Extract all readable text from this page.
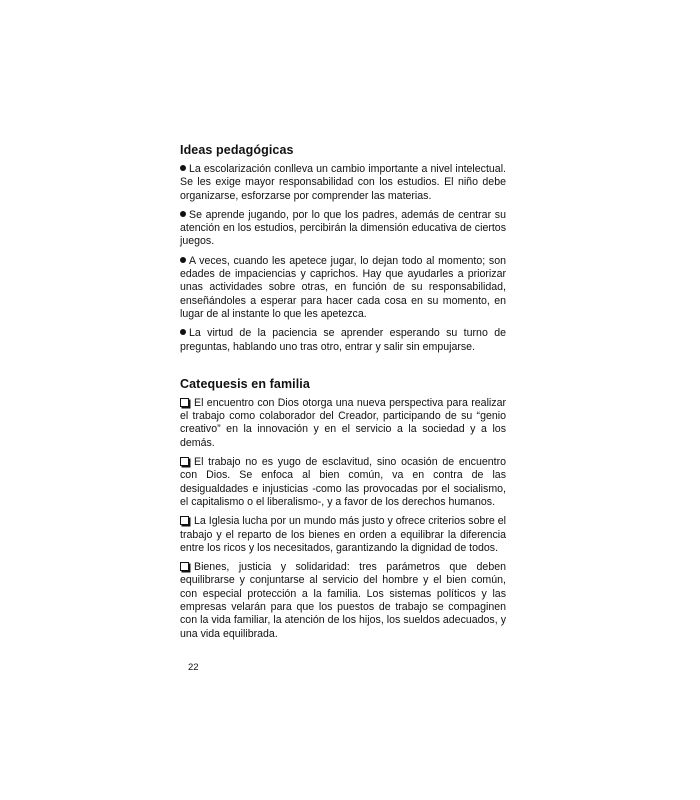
Ideas pedagógicas

La escolarización conlleva un cambio importante a nivel intelectual. Se les exige mayor responsabilidad con los estudios. El niño debe organizarse, esforzarse por comprender las materias.

Se aprende jugando, por lo que los padres, además de centrar su atención en los estudios, percibirán la dimensión educativa de ciertos juegos.

A veces, cuando les apetece jugar, lo dejan todo al momento; son edades de impaciencias y caprichos. Hay que ayudarles a priorizar unas actividades sobre otras, en función de su responsabilidad, enseñándoles a esperar para hacer cada cosa en su momento, en lugar de al instante lo que les apetezca.

La virtud de la paciencia se aprender esperando su turno de preguntas, hablando uno tras otro, entrar y salir sin empujarse.

Catequesis en familia

El encuentro con Dios otorga una nueva perspectiva para realizar el trabajo como colaborador del Creador, participando de su “genio creativo” en la innovación y en el servicio a la sociedad y a los demás.

El trabajo no es yugo de esclavitud, sino ocasión de encuentro con Dios. Se enfoca al bien común, va en contra de las desigualdades e injusticias -como las provocadas por el socialismo, el capitalismo o el liberalismo-, y a favor de los derechos humanos.

La Iglesia lucha por un mundo más justo y ofrece criterios sobre el trabajo y el reparto de los bienes en orden a equilibrar la diferencia entre los ricos y los necesitados, garantizando la dignidad de todos.

Bienes, justicia y solidaridad: tres parámetros que deben equilibrarse y conjuntarse al servicio del hombre y el bien común, con especial protección a la familia. Los sistemas políticos y las empresas velarán para que los puestos de trabajo se compaginen con la vida familiar, la atención de los hijos, los sueldos adecuados, y una vida equilibrada.

22
